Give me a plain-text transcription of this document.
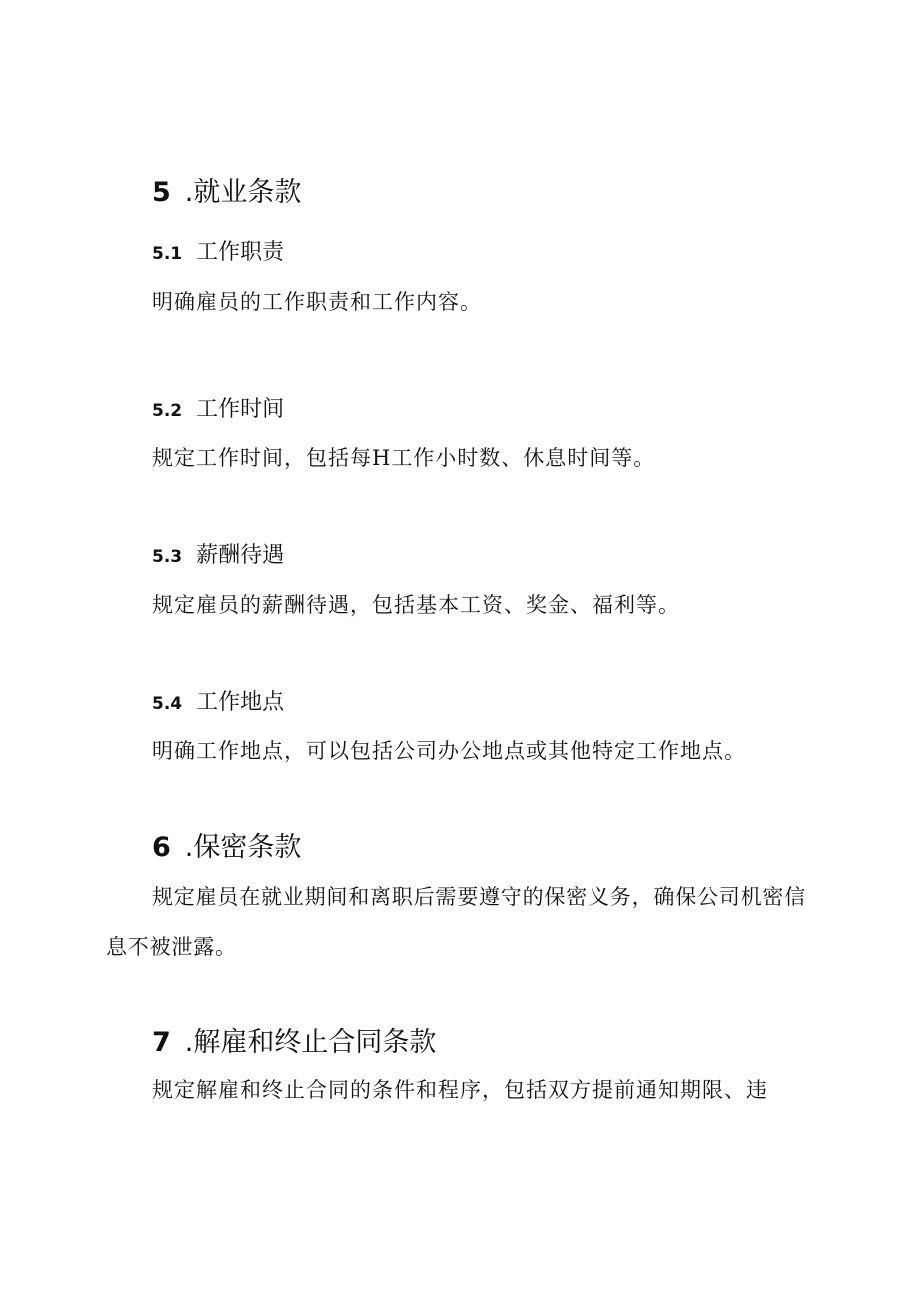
5 .就业条款
5.1 工作职责
明确雇员的工作职责和工作内容。
5.2 工作时间
规定工作时间，包括每H工作小时数、休息时间等。
5.3 薪酬待遇
规定雇员的薪酬待遇，包括基本工资、奖金、福利等。
5.4 工作地点
明确工作地点，可以包括公司办公地点或其他特定工作地点。
6 .保密条款
规定雇员在就业期间和离职后需要遵守的保密义务，确保公司机密信息不被泄露。
7 .解雇和终止合同条款
规定解雇和终止合同的条件和程序，包括双方提前通知期限、违
